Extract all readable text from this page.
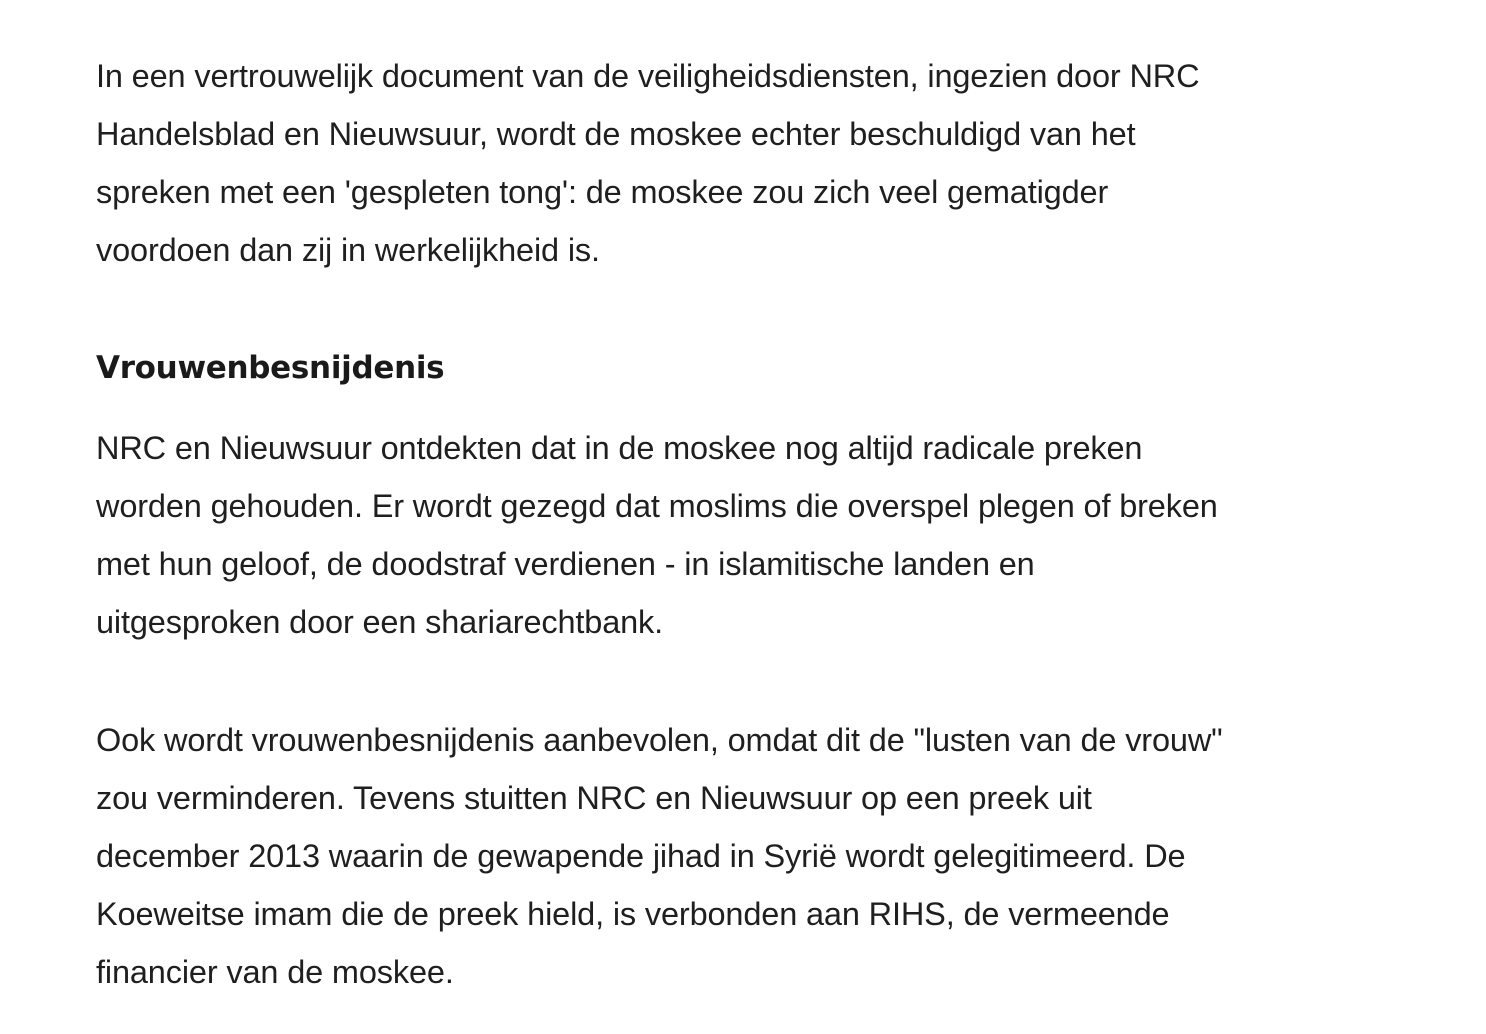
In een vertrouwelijk document van de veiligheidsdiensten, ingezien door NRC
Handelsblad en Nieuwsuur, wordt de moskee echter beschuldigd van het
spreken met een 'gespleten tong': de moskee zou zich veel gematigder
voordoen dan zij in werkelijkheid is.

Vrouwenbesnijdenis

NRC en Nieuwsuur ontdekten dat in de moskee nog altijd radicale preken
worden gehouden. Er wordt gezegd dat moslims die overspel plegen of breken
met hun geloof, de doodstraf verdienen - in islamitische landen en
uitgesproken door een shariarechtbank.

Ook wordt vrouwenbesnijdenis aanbevolen, omdat dit de "lusten van de vrouw"
zou verminderen. Tevens stuitten NRC en Nieuwsuur op een preek uit
december 2013 waarin de gewapende jihad in Syrië wordt gelegitimeerd. De
Koeweitse imam die de preek hield, is verbonden aan RIHS, de vermeende
financier van de moskee.
